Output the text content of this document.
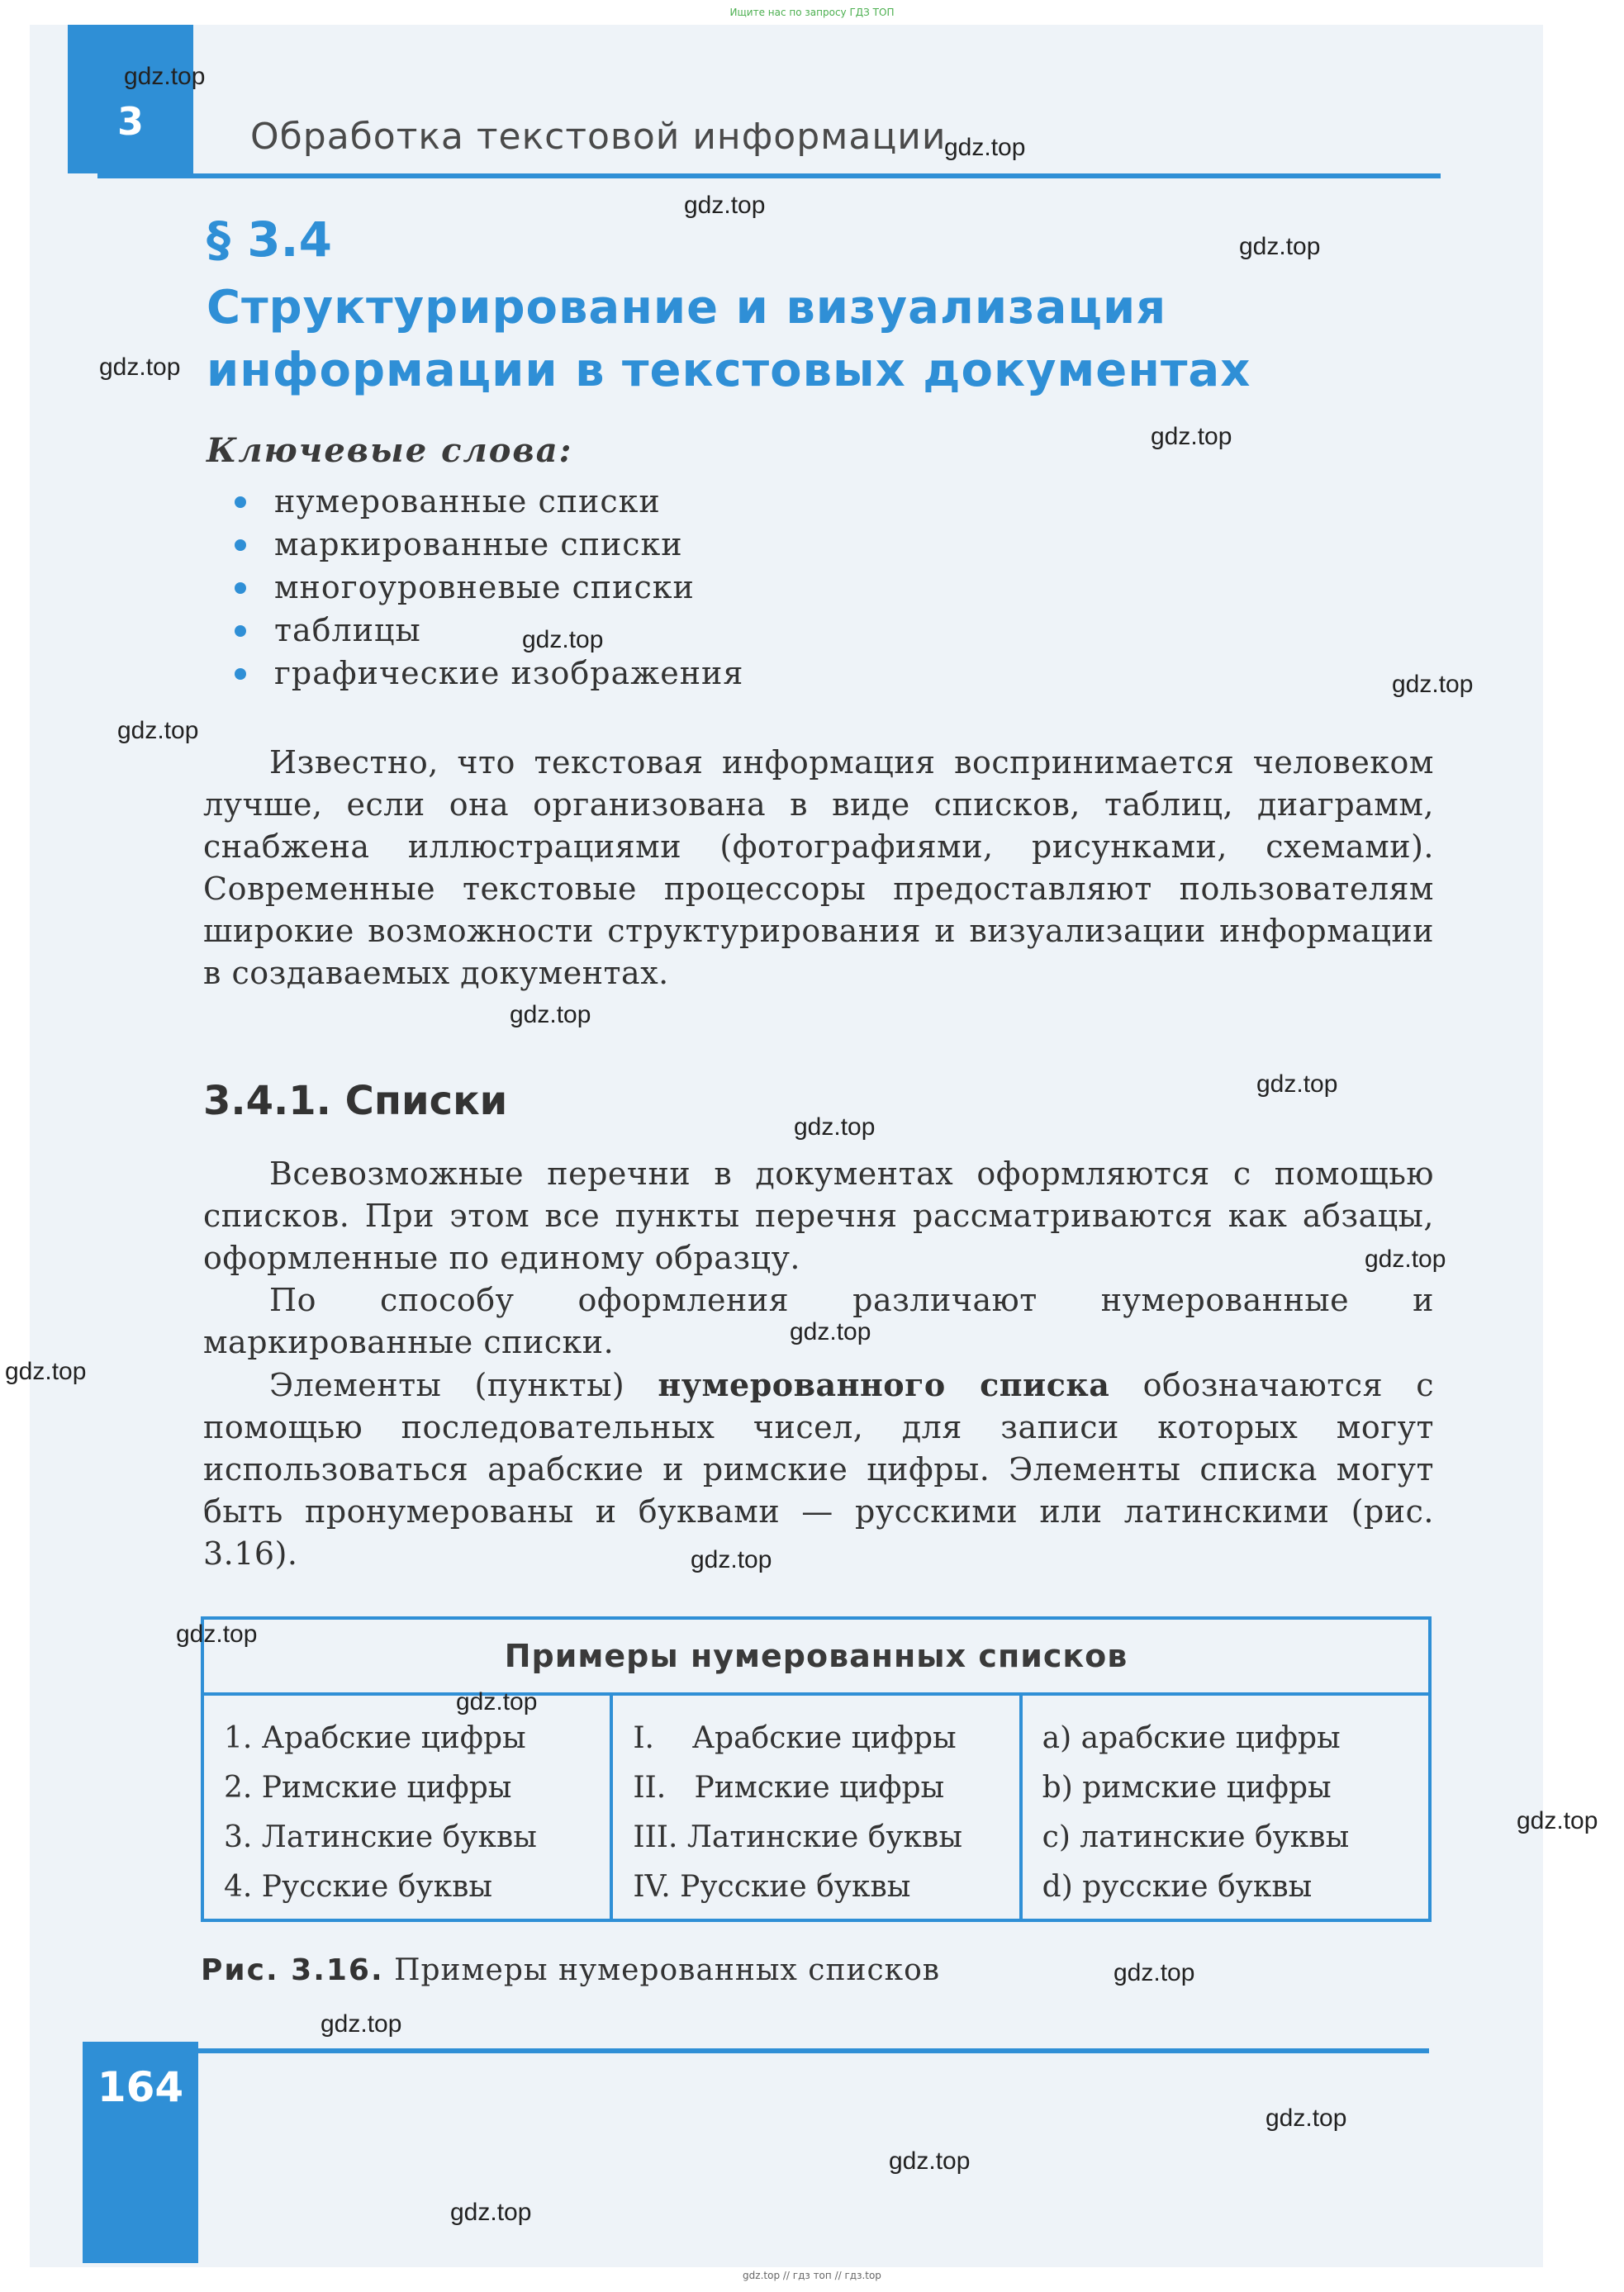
Ищите нас по запросу ГДЗ ТОП
3	Обработка текстовой информации
§ 3.4
Структурирование и визуализация
информации в текстовых документах
Ключевые слова:
нумерованные списки
маркированные списки
многоуровневые списки
таблицы
графические изображения

Известно, что текстовая информация воспринимается человеком лучше, если она организована в виде списков, таблиц, диаграмм, снабжена иллюстрациями (фотографиями, рисунками, схемами). Современные текстовые процессоры предоставляют пользователям широкие возможности структурирования и визуализации информации в создаваемых документах.

3.4.1. Списки

Всевозможные перечни в документах оформляются с помощью списков. При этом все пункты перечня рассматриваются как абзацы, оформленные по единому образцу.

По способу оформления различают нумерованные и маркированные списки.

Элементы (пункты) нумерованного списка обозначаются с помощью последовательных чисел, для записи которых могут использоваться арабские и римские цифры. Элементы списка могут быть пронумерованы и буквами — русскими или латинскими (рис. 3.16).

Примеры нумерованных списков
1. Арабские цифры
2. Римские цифры
3. Латинские буквы
4. Русские буквы
I.    Арабские цифры
II.   Римские цифры
III. Латинские буквы
IV. Русские буквы
a) арабские цифры
b) римские цифры
c) латинские буквы
d) русские буквы
Рис. 3.16. Примеры нумерованных списков
164
gdz.top
gdz.top
gdz.top
gdz.top
gdz.top
gdz.top
gdz.top
gdz.top
gdz.top
gdz.top
gdz.top
gdz.top
gdz.top
gdz.top
gdz.top
gdz.top
gdz.top
gdz.top
gdz.top
gdz.top
gdz.top
gdz.top
gdz.top
gdz.top
gdz.top // гдз топ // гдз.top
